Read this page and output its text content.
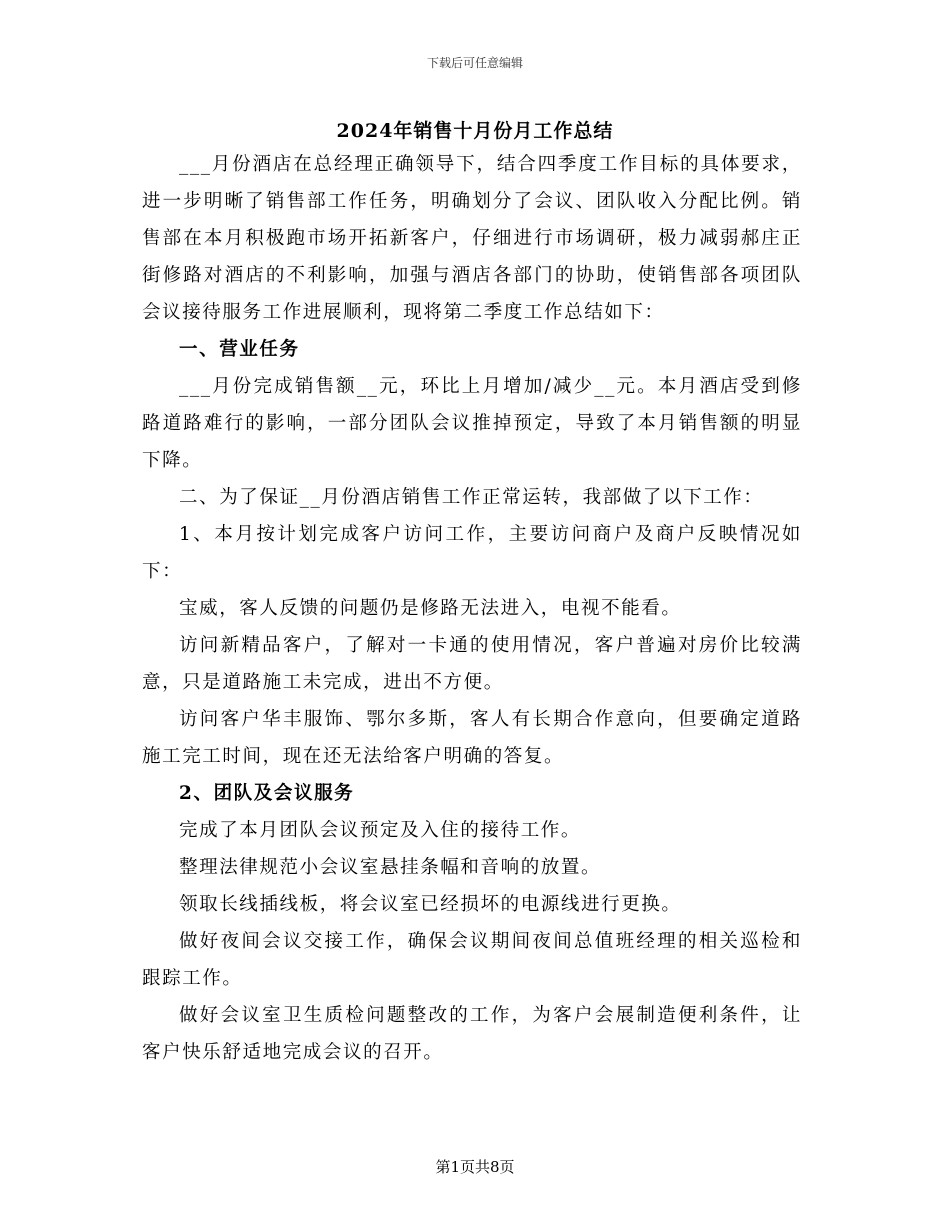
下载后可任意编辑
2024年销售十月份月工作总结

___月份酒店在总经理正确领导下，结合四季度工作目标的具体要求，进一步明晰了销售部工作任务，明确划分了会议、团队收入分配比例。销售部在本月积极跑市场开拓新客户，仔细进行市场调研，极力减弱郝庄正街修路对酒店的不利影响，加强与酒店各部门的协助，使销售部各项团队会议接待服务工作进展顺利，现将第二季度工作总结如下：

一、营业任务

___月份完成销售额__元，环比上月增加/减少__元。本月酒店受到修路道路难行的影响，一部分团队会议推掉预定，导致了本月销售额的明显下降。

二、为了保证__月份酒店销售工作正常运转，我部做了以下工作：

1、本月按计划完成客户访问工作，主要访问商户及商户反映情况如下：

宝威，客人反馈的问题仍是修路无法进入，电视不能看。

访问新精品客户，了解对一卡通的使用情况，客户普遍对房价比较满意，只是道路施工未完成，进出不方便。

访问客户华丰服饰、鄂尔多斯，客人有长期合作意向，但要确定道路施工完工时间，现在还无法给客户明确的答复。

2、团队及会议服务

完成了本月团队会议预定及入住的接待工作。

整理法律规范小会议室悬挂条幅和音响的放置。

领取长线插线板，将会议室已经损坏的电源线进行更换。

做好夜间会议交接工作，确保会议期间夜间总值班经理的相关巡检和跟踪工作。

做好会议室卫生质检问题整改的工作，为客户会展制造便利条件，让客户快乐舒适地完成会议的召开。

第1页共8页
